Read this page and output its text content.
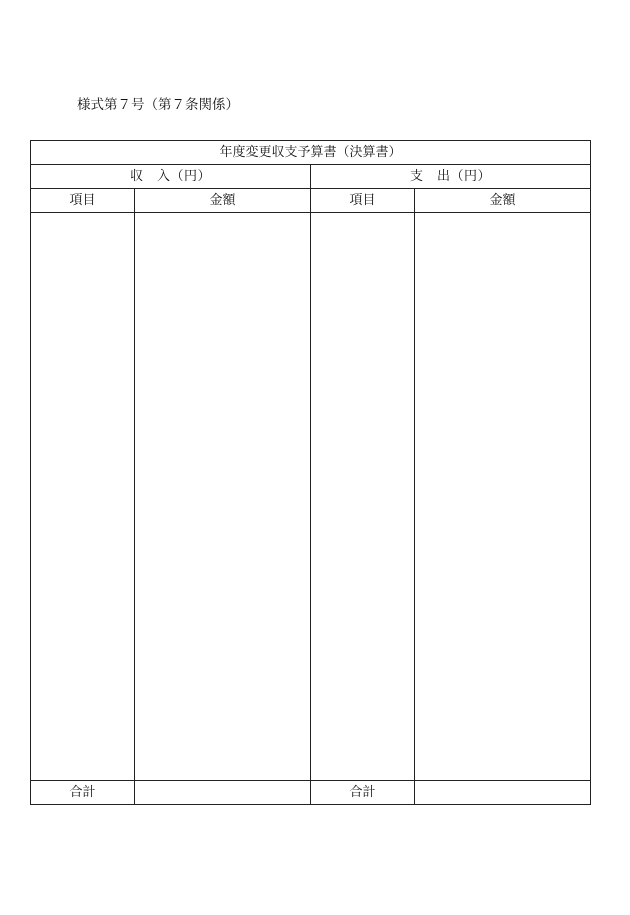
様式第７号（第７条関係）
年度変更収支予算書（決算書）			
収　入（円）		支　出（円）	
項目	金額	項目	金額

合計		合計	
